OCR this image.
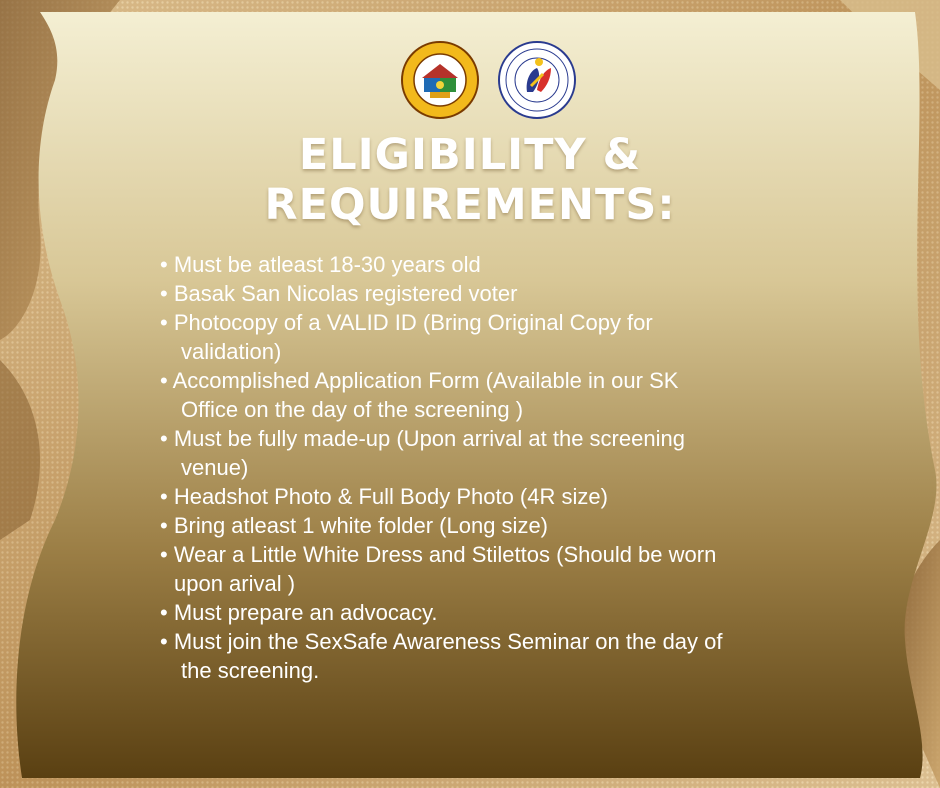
ELIGIBILITY &
REQUIREMENTS:
• Must be atleast 18-30 years old
• Basak San Nicolas registered voter
• Photocopy of a VALID ID (Bring Original Copy for
validation)
• Accomplished Application Form (Available in our SK
Office on the day of the screening )
• Must be fully made-up (Upon arrival at the screening
venue)
• Headshot Photo & Full Body Photo (4R size)
• Bring atleast 1 white folder (Long size)
• Wear a Little White Dress and Stilettos (Should be worn
upon arival )
• Must prepare an advocacy.
• Must join the SexSafe Awareness Seminar on the day of
the screening.
